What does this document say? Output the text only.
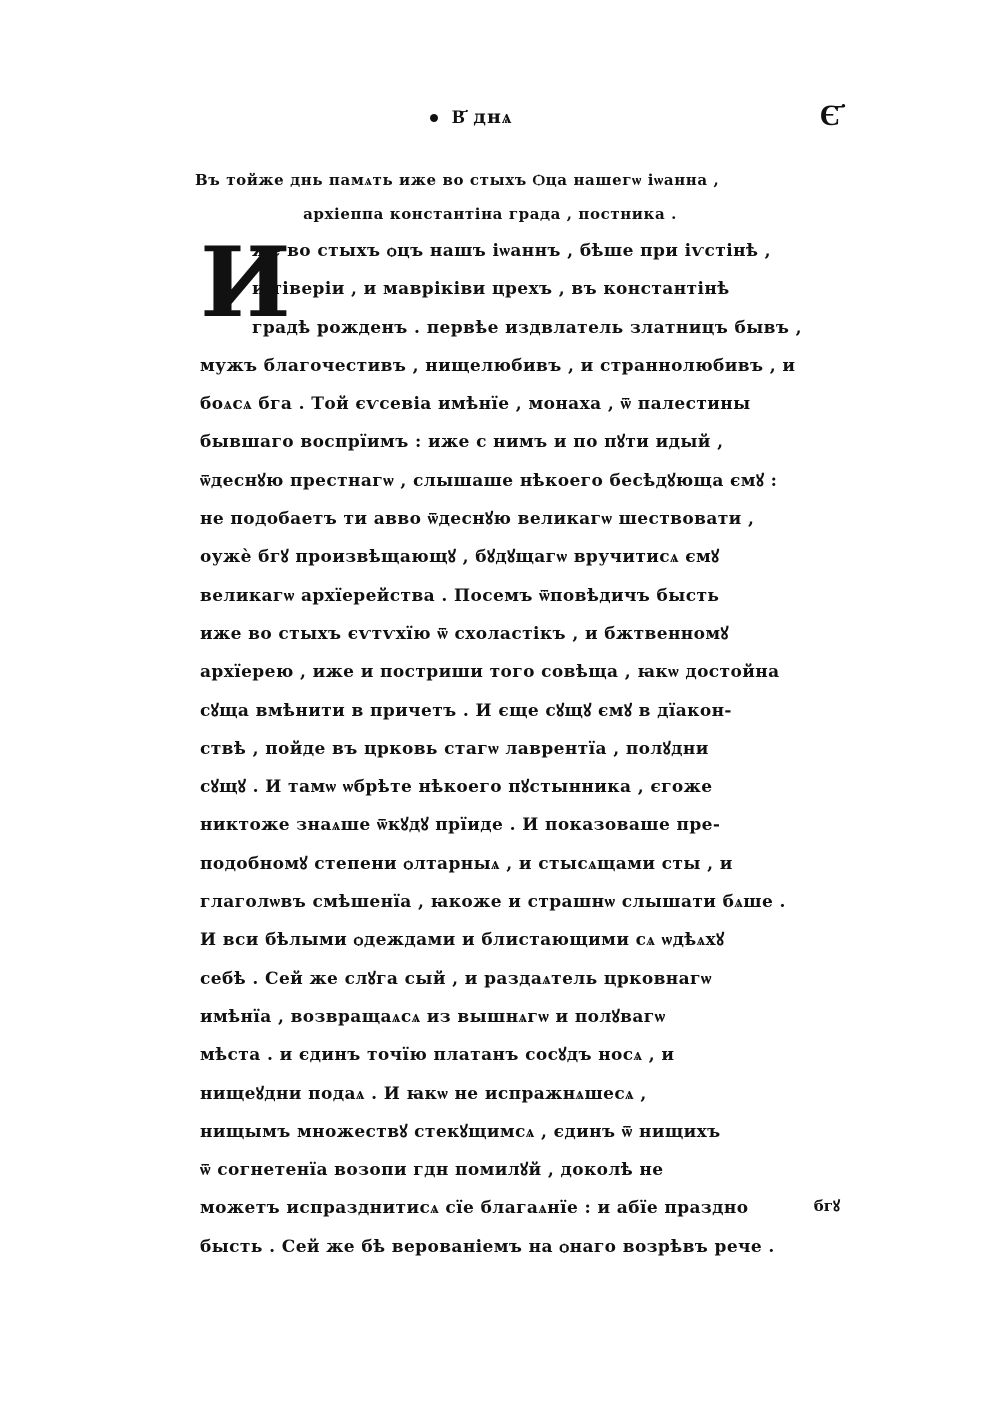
В҃ днѧ	Є҃
Въ тойже днь памѧть иже во стыхъ Ѻца нашегѡ іѡанна ,
архіеппа константіна града , постника .
И
же во стыхъ ѻцъ нашъ іѡаннъ , бѣше при іѵстінѣ ,
и тіверіи , и мавріківи црехъ , въ константінѣ
градѣ рожденъ . первѣе издвлатель златницъ бывъ ,
мужъ благочестивъ , нищелюбивъ , и страннолюбивъ , и
боѧсѧ бга . Той єѵсевіа имѣнїе , монаха , ѿ палестины
бывшаго воспрїимъ : иже с нимъ и по пꙋти идый ,
ѿдеснꙋю престнагѡ , слышаше нѣкоего бесѣдꙋюща ємꙋ :
не подобаетъ ти авво ѿдеснꙋю великагѡ шествовати ,
оужѐ бгꙋ произвѣщающꙋ , бꙋдꙋщагѡ вручитисѧ ємꙋ
великагѡ архїерейства . Посемъ ѿповѣдичъ бысть
иже во стыхъ єѵтѵхїю ѿ схоластікъ , и бжтвенномꙋ
архїерею , иже и постриши того совѣща , ꙗкѡ достойна
сꙋща вмѣнити в причетъ . И єще сꙋщꙋ ємꙋ в дїакон-
ствѣ , пойде въ црковь стагѡ лаврентїа , полꙋдни
сꙋщꙋ . И тамѡ ѡбрѣте нѣкоего пꙋстынника , єгоже
никтоже знаѧше ѿкꙋдꙋ прїиде . И показоваше пре-
подобномꙋ степени ѻлтарныѧ , и стысѧщами сты , и
глаголѡвъ смѣшенїа , ꙗкоже и страшнѡ слышати бѧше .
И вси бѣлыми ѻдеждами и блистающими сѧ ѡдѣѧхꙋ
себѣ . Сей же слꙋга сый , и раздаѧтель црковнагѡ
имѣнїа , возвращаѧсѧ из вышнѧгѡ и полꙋвагѡ
мѣста . и єдинъ точїю платанъ сосꙋдъ носѧ , и
нищеꙋдни подаѧ . И ꙗкѡ не испражнѧшесѧ ,
нищымъ множествꙋ стекꙋщимсѧ , єдинъ ѿ нищихъ
ѿ согнетенїа возопи гдн помилꙋй , доколѣ не
можетъ испразднитисѧ сїе благаѧнїе : и абїе праздно
бысть . Сей же бѣ верованіемъ на ѻнаго возрѣвъ рече .
бгꙋ
